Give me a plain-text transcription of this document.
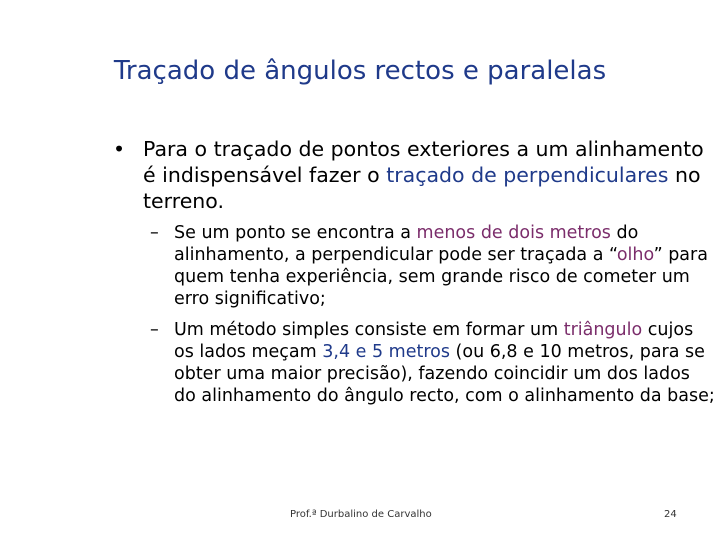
Traçado de ângulos rectos e paralelas
• Para o traçado de pontos exteriores a um alinhamento é indispensável fazer o traçado de perpendiculares no terreno.
– Se um ponto se encontra a menos de dois metros do alinhamento, a perpendicular pode ser traçada a “olho” para quem tenha experiência, sem grande risco de cometer um erro significativo;
– Um método simples consiste em formar um triângulo cujos os lados meçam 3,4 e 5 metros (ou 6,8 e 10 metros, para se obter uma maior precisão), fazendo coincidir um dos lados do alinhamento do ângulo recto, com o alinhamento da base;
Prof.ª Durbalino de Carvalho	24
